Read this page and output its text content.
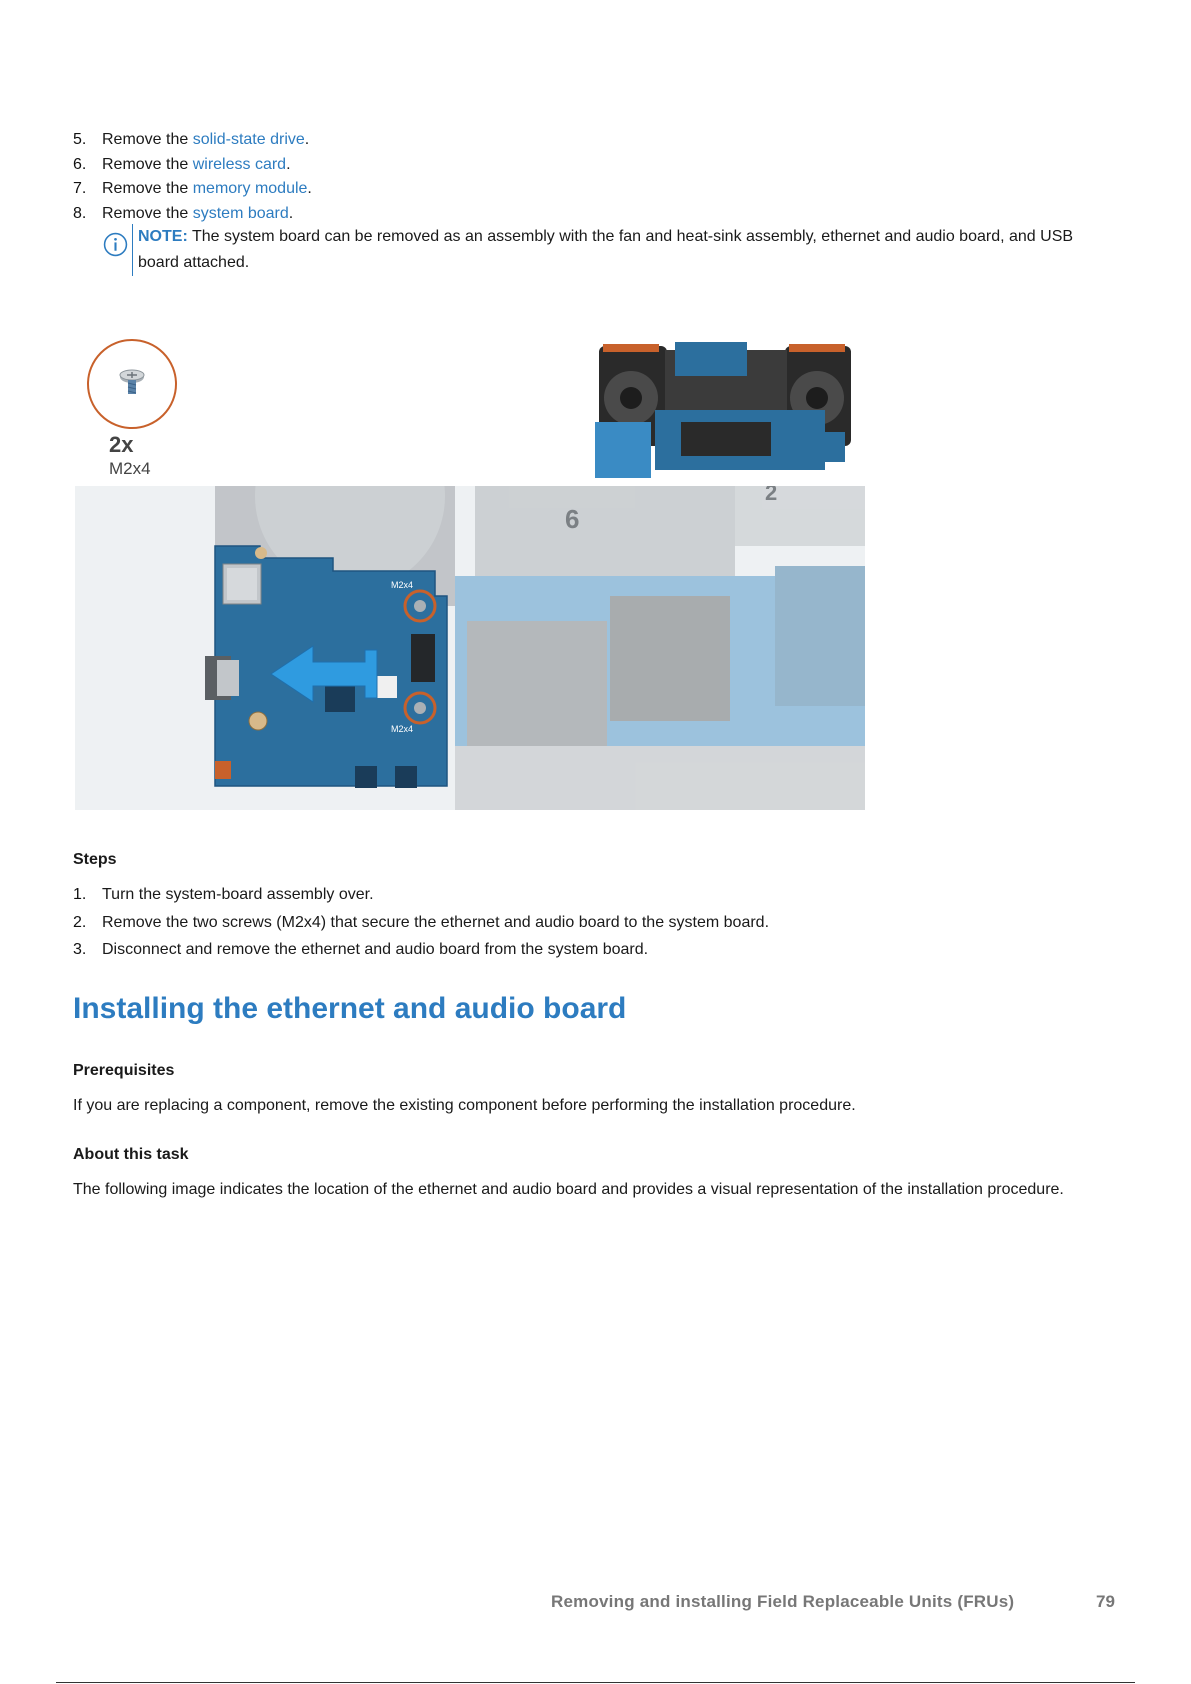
5. Remove the solid-state drive.
6. Remove the wireless card.
7. Remove the memory module.
8. Remove the system board.
NOTE: The system board can be removed as an assembly with the fan and heat-sink assembly, ethernet and audio board, and USB board attached.
2x
M2x4
6
2
M2x4
M2x4
Steps
1. Turn the system-board assembly over.
2. Remove the two screws (M2x4) that secure the ethernet and audio board to the system board.
3. Disconnect and remove the ethernet and audio board from the system board.
Installing the ethernet and audio board
Prerequisites
If you are replacing a component, remove the existing component before performing the installation procedure.
About this task
The following image indicates the location of the ethernet and audio board and provides a visual representation of the installation procedure.
Removing and installing Field Replaceable Units (FRUs)	79
